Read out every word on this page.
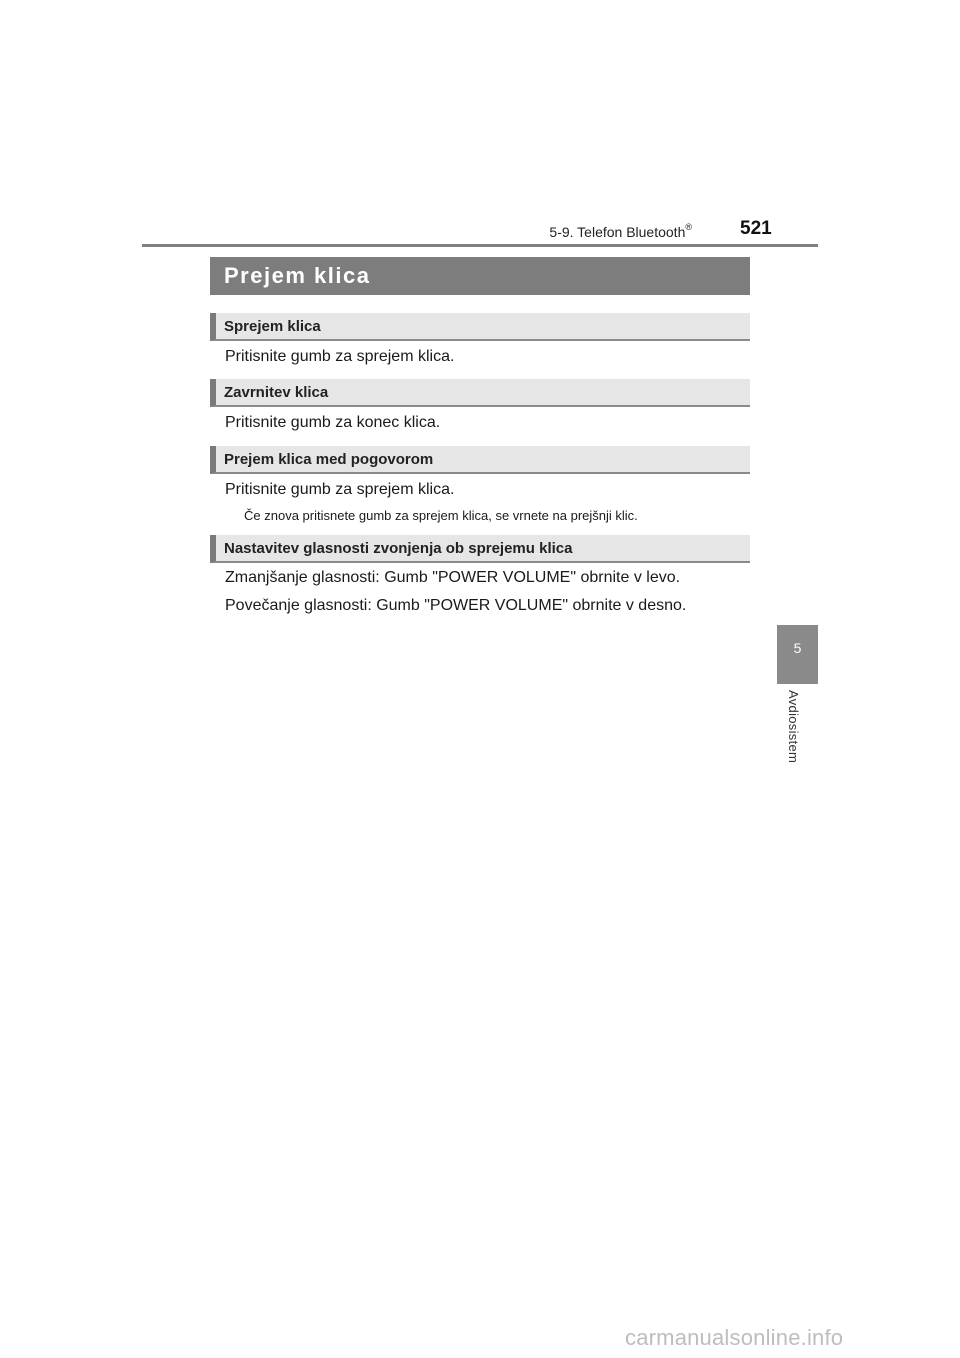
5-9. Telefon Bluetooth®	521
5
Avdiosistem
Prejem klica
Sprejem klica
Pritisnite gumb za sprejem klica.
Zavrnitev klica
Pritisnite gumb za konec klica.
Prejem klica med pogovorom
Pritisnite gumb za sprejem klica.
Če znova pritisnete gumb za sprejem klica, se vrnete na prejšnji klic.
Nastavitev glasnosti zvonjenja ob sprejemu klica
Zmanjšanje glasnosti: Gumb "POWER VOLUME" obrnite v levo.
Povečanje glasnosti: Gumb "POWER VOLUME" obrnite v desno.
carmanualsonline.info
